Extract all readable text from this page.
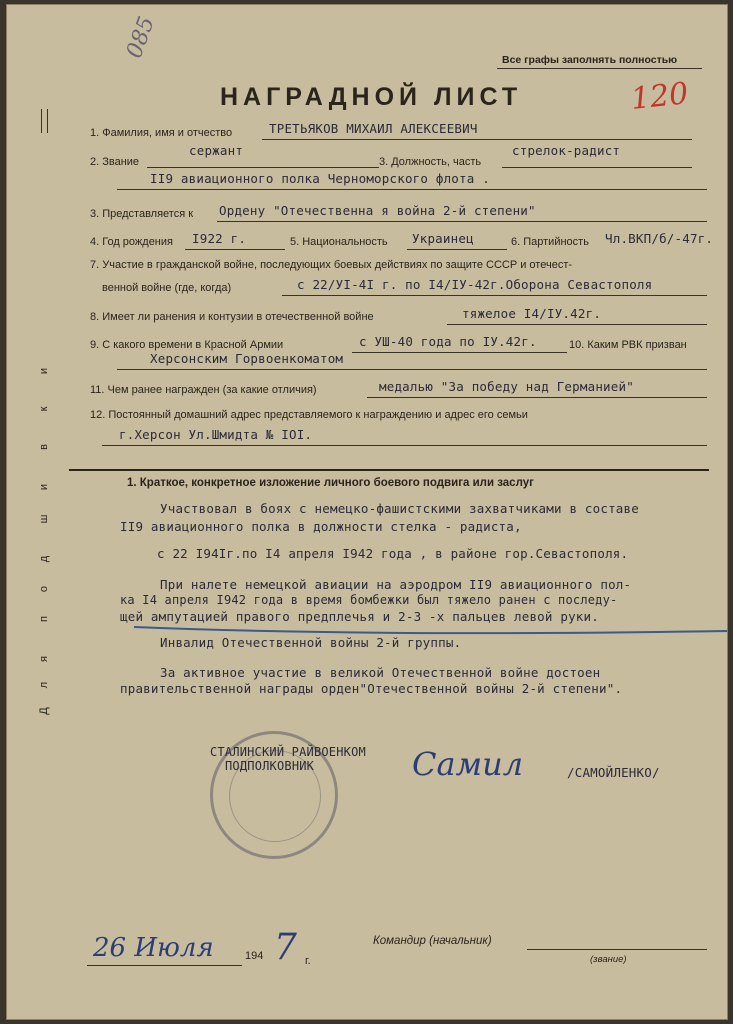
Все графы заполнять полностью
085
120
НАГРАДНОЙ ЛИСТ
Д
л
я
п
о
д
ш
и
в
к
и
1. Фамилия, имя и отчество	ТРЕТЬЯКОВ МИХАИЛ АЛЕКСЕЕВИЧ
2. Звание
сержант
3. Должность, часть
стрелок-радист
II9 авиационного полка Черноморского флота .
3. Представляется к Ордену "Отечественна я война 2-й степени"
4. Год рождения I922 г.	5. Национальность Украинец	6. Партийность Чл.ВКП/б/-47г.
7. Участие в гражданской войне, последующих боевых действиях по защите СССР и отечест-
венной войне (где, когда)	с 22/УI-4I г. по I4/IУ-42г.Оборона Севастополя
8. Имеет ли ранения и контузии в отечественной войне	тяжелое I4/IУ.42г.
9. С какого времени в Красной Армии	с УШ-40 года по IУ.42г.	10. Каким РВК призван
Херсонским Горвоенкоматом
11. Чем ранее награжден (за какие отличия)	медалью "За победу над Германией"
12. Постоянный домашний адрес представляемого к награждению и адрес его семьи
г.Херсон Ул.Шмидта № IOI.
1. Краткое, конкретное изложение личного боевого подвига или заслуг
Участвовал в боях с немецко-фашистскими захватчиками в составе
II9 авиационного полка в должности стелка - радиста,
с 22 I94Iг.по I4 апреля I942 года , в районе гор.Севастополя.
При налете немецкой авиации на аэродром II9 авиационного пол-
ка I4 апреля I942 года в время бомбежки был тяжело ранен с последу-
щей ампутацией правого предплечья и 2-3 -х пальцев левой руки.
Инвалид Отечественной войны 2-й группы.
За активное участие в великой Отечественной войне достоен
правительственной награды орден"Отечественной войны 2-й степени".
СТАЛИНСКИЙ РАЙВОЕНКОМ
ПОДПОЛКОВНИК	Самил	/САМОЙЛЕНКО/
26 Июля	194 7 г.
Командир (начальник)
(звание)
